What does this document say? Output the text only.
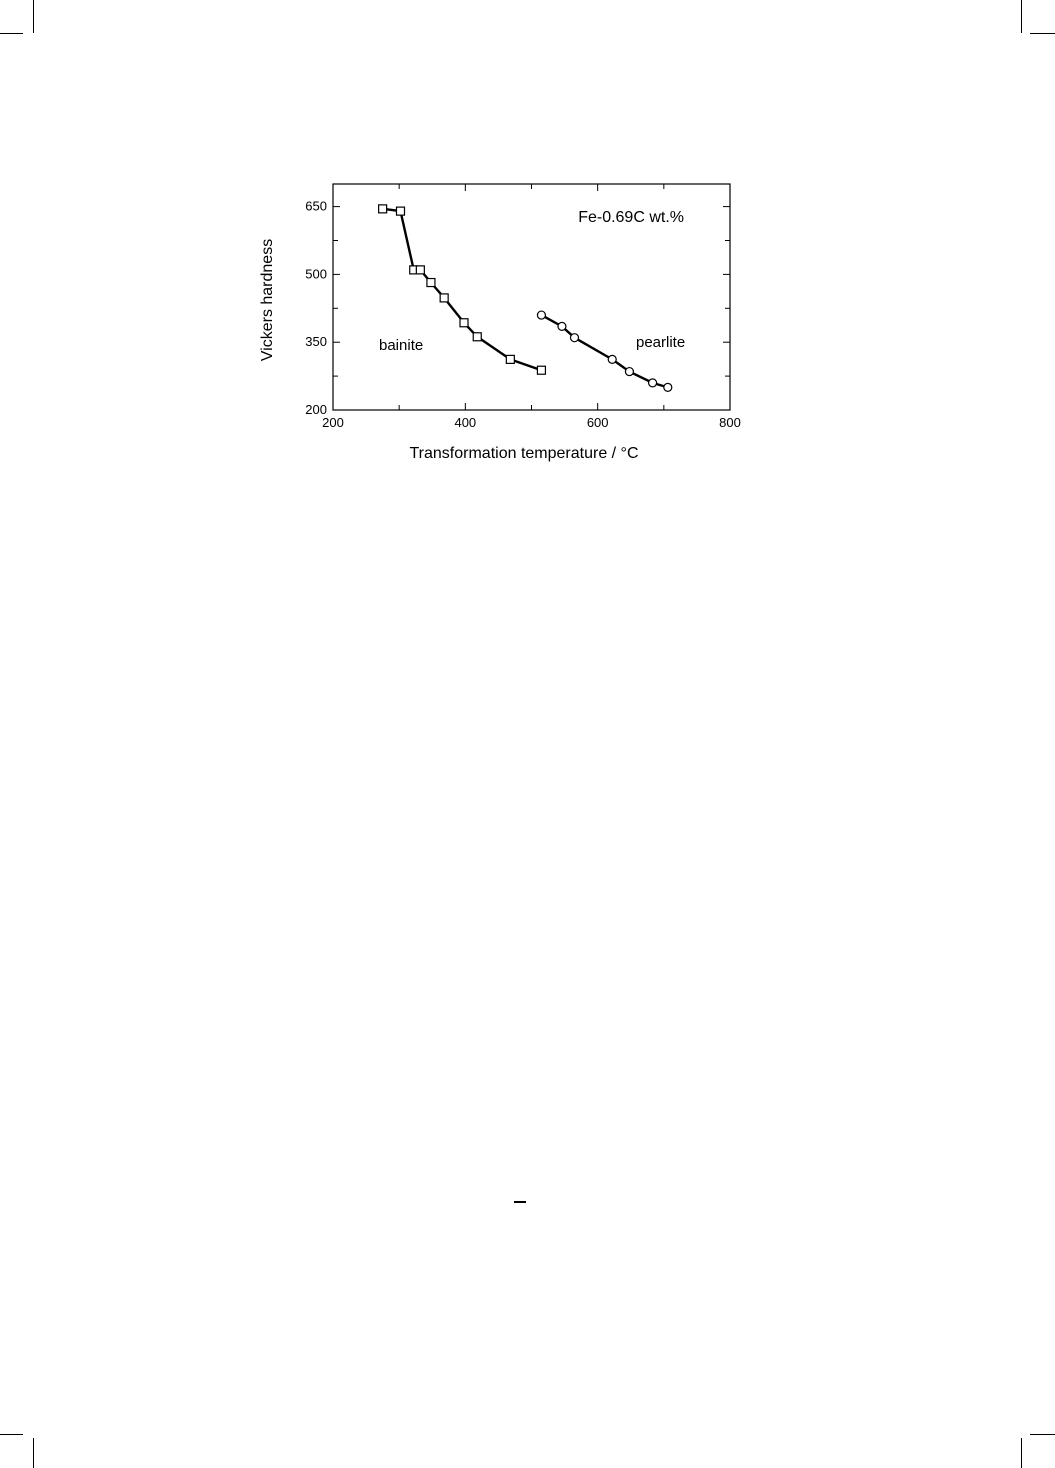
200	400	600	800
200
350
500
650
Vickers hardness
Transformation temperature / °C
Fe-0.69C wt.%
bainite	pearlite
